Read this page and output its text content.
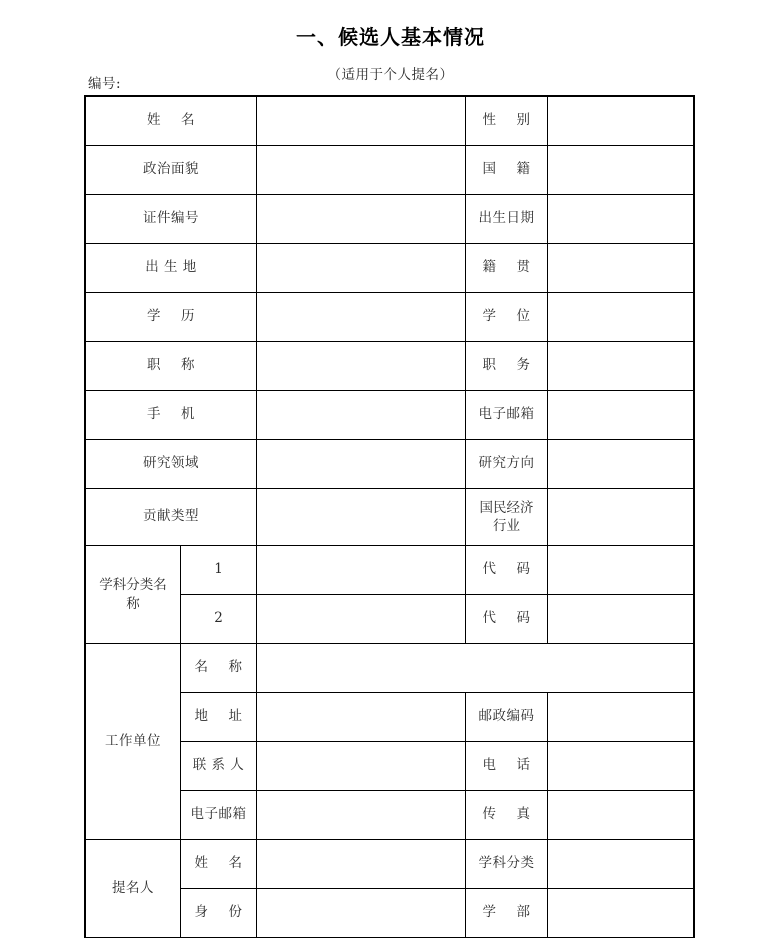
一、候选人基本情况
（适用于个人提名）
编号:
姓 名			性 别	
政治面貌			国 籍	
证件编号			出生日期	
出 生 地			籍 贯	
学 历			学 位	
职 称			职 务	
手 机			电子邮箱	
研究领域			研究方向	
贡献类型			国民经济
行业	

学科分类名
称	1		代 码	
	2		代 码	
工作单位	名 称			
	地 址		邮政编码	
	联 系 人		电 话	
	电子邮箱		传 真	
提名人	姓 名		学科分类	
	身 份		学 部	
